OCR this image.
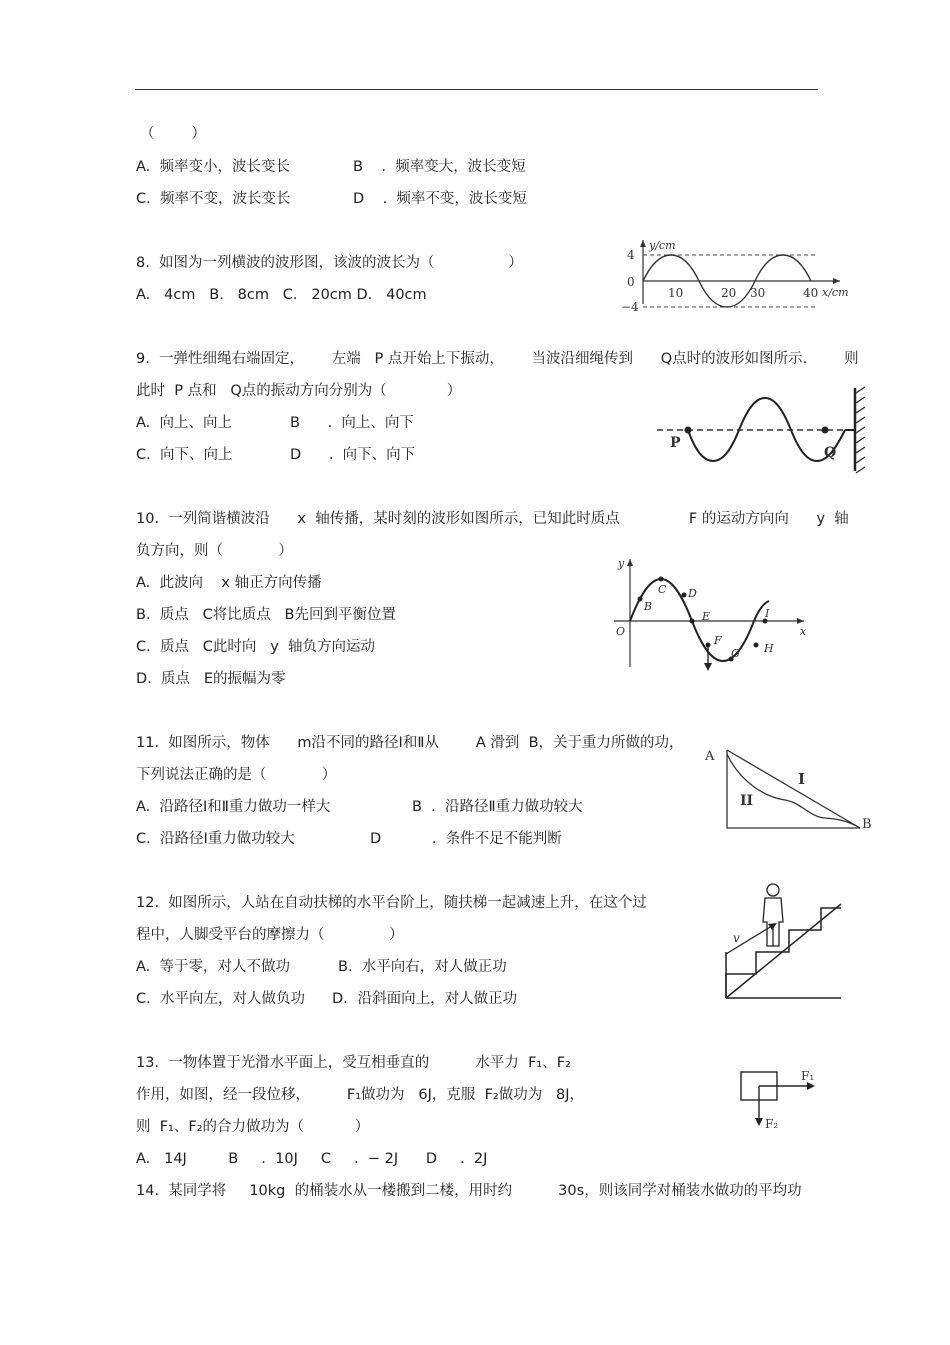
（        ）
A.  频率变小，波长变长	B    .  频率变大，波长变短
C.  频率不变，波长变长	D    .  频率不变，波长变短
8.  如图为一列横波的波形图，该波的波长为（                ）
A.   4cm   B.   8cm   C.   20cm D.   40cm
y/cm
4
0
−4
10	20 30	40 x/cm
9.  一弹性细绳右端固定，      左端   P 点开始上下振动，      当波沿细绳传到      Q点时的波形如图所示.        则
此时  P 点和   Q点的振动方向分别为（             ）
A.  向上、向上	B      .  向上、向下
C.  向下、向上	D      .  向下、向下
P
Q
10.  一列简谐横波沿      x  轴传播，某时刻的波形如图所示，已知此时质点               F 的运动方向向      y  轴
负方向，则（            ）
A.  此波向    x 轴正方向传播
B.  质点   C将比质点   B先回到平衡位置
C.  质点   C此时向   y  轴负方向运动
D.  质点   E的振幅为零
y
x
O
B
C D
E
F
G H
I
11.  如图所示，物体      m沿不同的路径Ⅰ和Ⅱ从        A 滑到  B，关于重力所做的功，
下列说法正确的是（            ）
A.  沿路径Ⅰ和Ⅱ重力做功一样大	B  .  沿路径Ⅱ重力做功较大
C.  沿路径Ⅰ重力做功较大	D           .  条件不足不能判断
A
B
I
II
12.  如图所示，人站在自动扶梯的水平台阶上，随扶梯一起减速上升，在这个过
程中，人脚受平台的摩擦力（              ）
A.  等于零，对人不做功	B.  水平向右，对人做正功
C.  水平向左，对人做负功 D．沿斜面向上，对人做正功
v
13.  一物体置于光滑水平面上，受互相垂直的          水平力  F₁、F₂
作用，如图，经一段位移，        F₁做功为   6J，克服  F₂做功为   8J，
则  F₁、F₂的合力做功为（           ）
A.   14J         B     .  10J     C     .  − 2J      D     .  2J
F₁
F₂
14.  某同学将     10kg  的桶装水从一楼搬到二楼，用时约          30s，则该同学对桶装水做功的平均功
